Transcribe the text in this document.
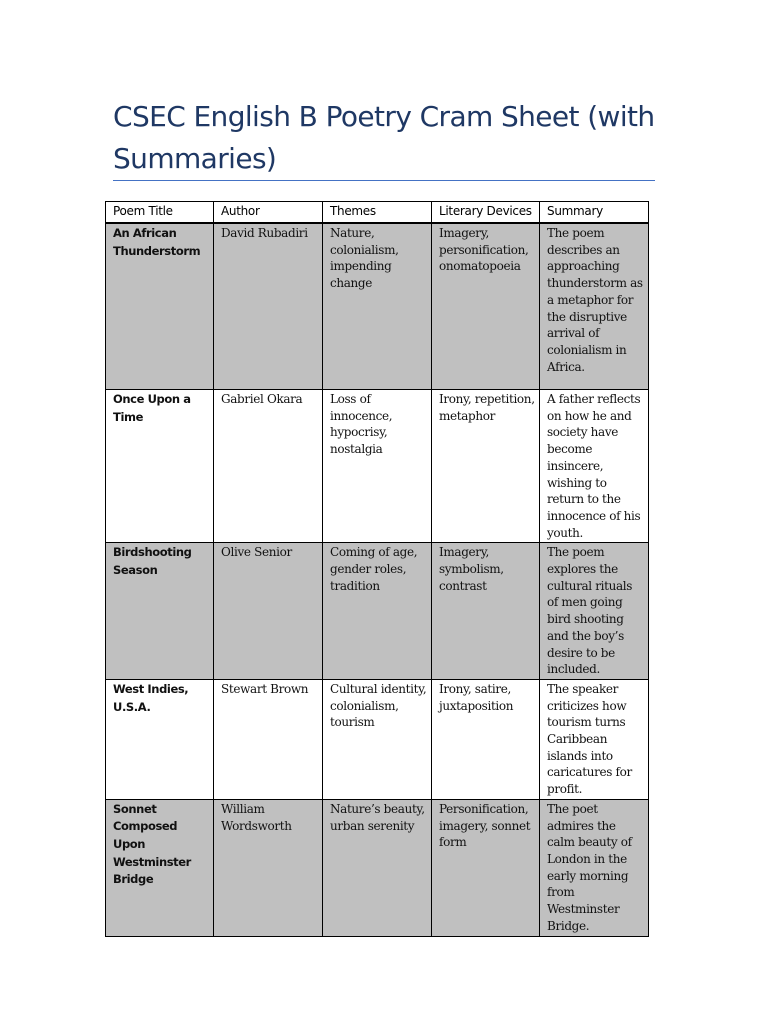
CSEC English B Poetry Cram Sheet (with Summaries)
Poem Title	Author	Themes	Literary Devices	Summary
An African Thunderstorm	David Rubadiri	Nature, colonialism, impending change	Imagery, personification, onomatopoeia	The poem describes an approaching thunderstorm as a metaphor for the disruptive arrival of colonialism in Africa.
Once Upon a Time	Gabriel Okara	Loss of innocence, hypocrisy, nostalgia	Irony, repetition, metaphor	A father reflects on how he and society have become insincere, wishing to return to the innocence of his youth.
Birdshooting Season	Olive Senior	Coming of age, gender roles, tradition	Imagery, symbolism, contrast	The poem explores the cultural rituals of men going bird shooting and the boy’s desire to be included.
West Indies, U.S.A.	Stewart Brown	Cultural identity, colonialism, tourism	Irony, satire, juxtaposition	The speaker criticizes how tourism turns Caribbean islands into caricatures for profit.
Sonnet Composed Upon Westminster Bridge	William Wordsworth	Nature’s beauty, urban serenity	Personification, imagery, sonnet form	The poet admires the calm beauty of London in the early morning from Westminster Bridge.
